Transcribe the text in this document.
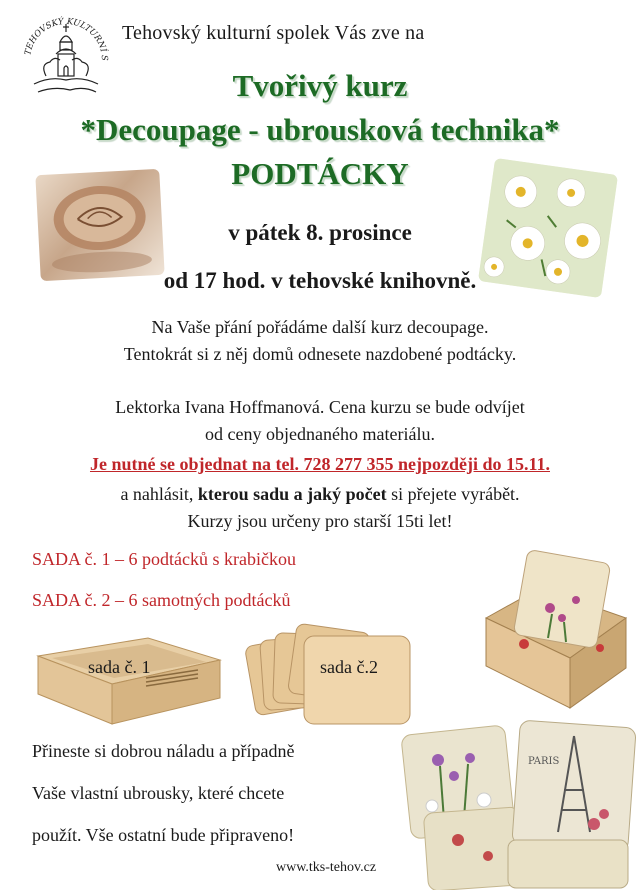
TEHOVSKÝ KULTURNÍ S
Tehovský kulturní spolek Vás zve na
Tvořivý kurz
*Decoupage - ubrousková technika*
PODTÁCKY
v pátek 8. prosince
od 17 hod. v tehovské knihovně.
Na Vaše přání pořádáme další kurz decoupage.
Tentokrát si z něj domů odnesete nazdobené podtácky.
Lektorka Ivana Hoffmanová. Cena kurzu se bude odvíjet
od ceny objednaného materiálu.
Je nutné se objednat na tel. 728 277 355 nejpozději do 15.11.
a nahlásit, kterou sadu a jaký počet si přejete vyrábět.
Kurzy jsou určeny pro starší 15ti let!
SADA č. 1 – 6 podtácků s krabičkou
SADA č. 2 – 6 samotných podtácků
sada č. 1	sada č.2
PARIS
Přineste si dobrou náladu a případně
Vaše vlastní ubrousky, které chcete
použít. Vše ostatní bude připraveno!
www.tks-tehov.cz
